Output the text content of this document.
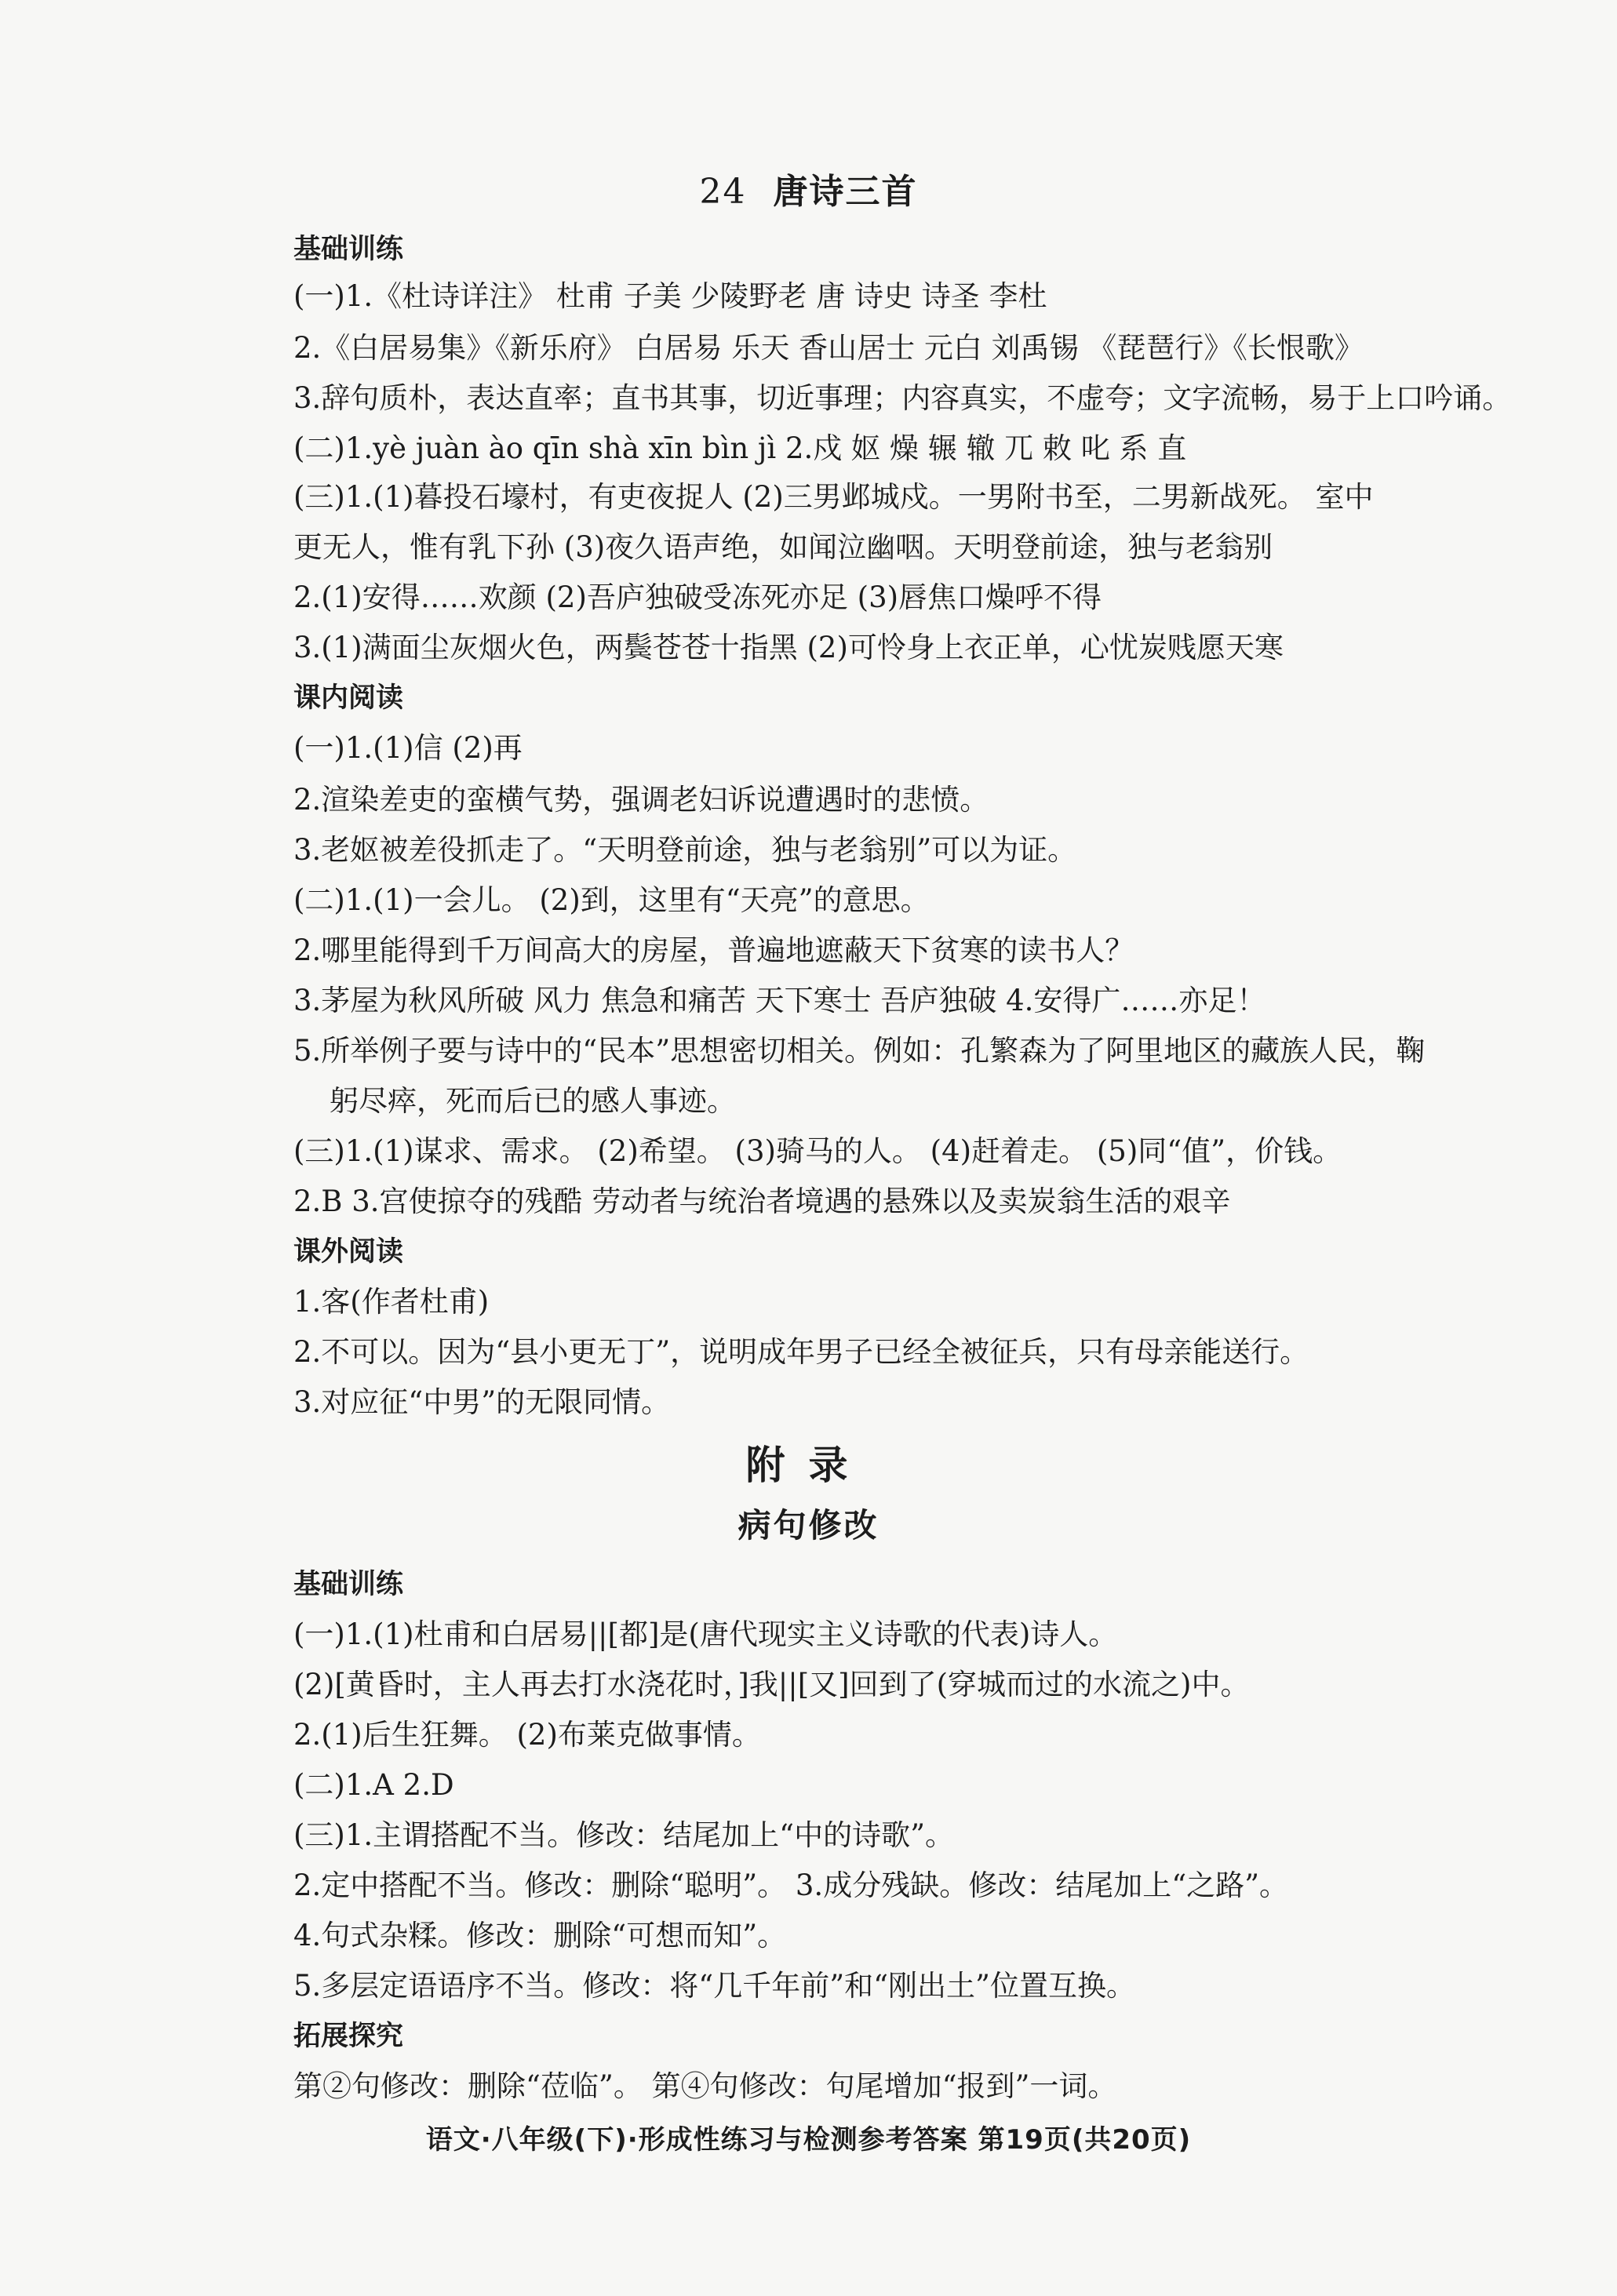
24 唐诗三首
基础训练
(一)1.《杜诗详注》 杜甫 子美 少陵野老 唐 诗史 诗圣 李杜
2.《白居易集》《新乐府》 白居易 乐天 香山居士 元白 刘禹锡 《琵琶行》《长恨歌》
3.辞句质朴，表达直率；直书其事，切近事理；内容真实，不虚夸；文字流畅，易于上口吟诵。
(二)1.yè juàn ào qīn shà xīn bìn jì 2.戍 妪 燥 辗 辙 兀 敕 叱 系 直
(三)1.(1)暮投石壕村，有吏夜捉人 (2)三男邺城戍。一男附书至，二男新战死。 室中
更无人，惟有乳下孙 (3)夜久语声绝，如闻泣幽咽。天明登前途，独与老翁别
2.(1)安得……欢颜 (2)吾庐独破受冻死亦足 (3)唇焦口燥呼不得
3.(1)满面尘灰烟火色，两鬓苍苍十指黑 (2)可怜身上衣正单，心忧炭贱愿天寒
课内阅读
(一)1.(1)信 (2)再
2.渲染差吏的蛮横气势，强调老妇诉说遭遇时的悲愤。
3.老妪被差役抓走了。“天明登前途，独与老翁别”可以为证。
(二)1.(1)一会儿。 (2)到，这里有“天亮”的意思。
2.哪里能得到千万间高大的房屋，普遍地遮蔽天下贫寒的读书人？
3.茅屋为秋风所破 风力 焦急和痛苦 天下寒士 吾庐独破 4.安得广……亦足！
5.所举例子要与诗中的“民本”思想密切相关。例如：孔繁森为了阿里地区的藏族人民，鞠
躬尽瘁，死而后已的感人事迹。
(三)1.(1)谋求、需求。 (2)希望。 (3)骑马的人。 (4)赶着走。 (5)同“值”，价钱。
2.B 3.宫使掠夺的残酷 劳动者与统治者境遇的悬殊以及卖炭翁生活的艰辛
课外阅读
1.客(作者杜甫)
2.不可以。因为“县小更无丁”，说明成年男子已经全被征兵，只有母亲能送行。
3.对应征“中男”的无限同情。
附录
病句修改
基础训练
(一)1.(1)杜甫和白居易||[都]是(唐代现实主义诗歌的代表)诗人。
(2)[黄昏时，主人再去打水浇花时，]我||[又]回到了(穿城而过的水流之)中。
2.(1)后生狂舞。 (2)布莱克做事情。
(二)1.A 2.D
(三)1.主谓搭配不当。修改：结尾加上“中的诗歌”。
2.定中搭配不当。修改：删除“聪明”。 3.成分残缺。修改：结尾加上“之路”。
4.句式杂糅。修改：删除“可想而知”。
5.多层定语语序不当。修改：将“几千年前”和“刚出土”位置互换。
拓展探究
第②句修改：删除“莅临”。 第④句修改：句尾增加“报到”一词。
语文·八年级(下)·形成性练习与检测参考答案 第19页(共20页)
